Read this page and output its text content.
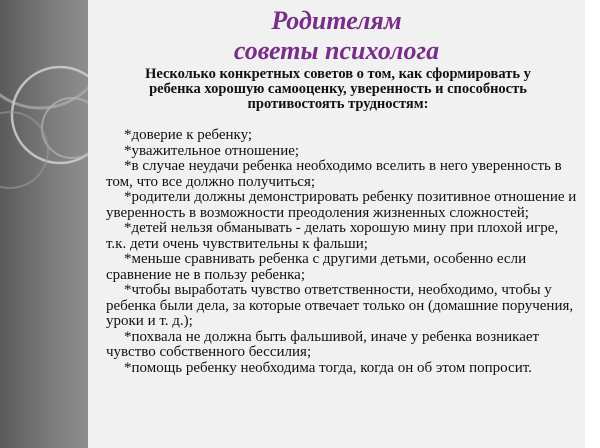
Родителям
советы психолога
Несколько конкретных советов о том, как сформировать у
ребенка хорошую самооценку, уверенность и способность
противостоять трудностям:
*доверие к ребенку;
*уважительное отношение;
*в случае неудачи ребенка необходимо вселить в него уверенность в том, что все должно получиться;
*родители должны демонстрировать ребенку позитивное отношение и уверенность в возможности преодоления жизненных сложностей;
*детей нельзя обманывать - делать хорошую мину при плохой игре, т.к. дети очень чувствительны к фальши;
*меньше сравнивать ребенка с другими детьми, особенно если сравнение не в пользу ребенка;
*чтобы выработать чувство ответственности, необходимо, чтобы у ребенка были дела, за которые отвечает только он (домашние поручения, уроки и т. д.);
*похвала не должна быть фальшивой, иначе у ребенка возникает чувство собственного бессилия;
*помощь ребенку необходима тогда, когда он об этом попросит.
